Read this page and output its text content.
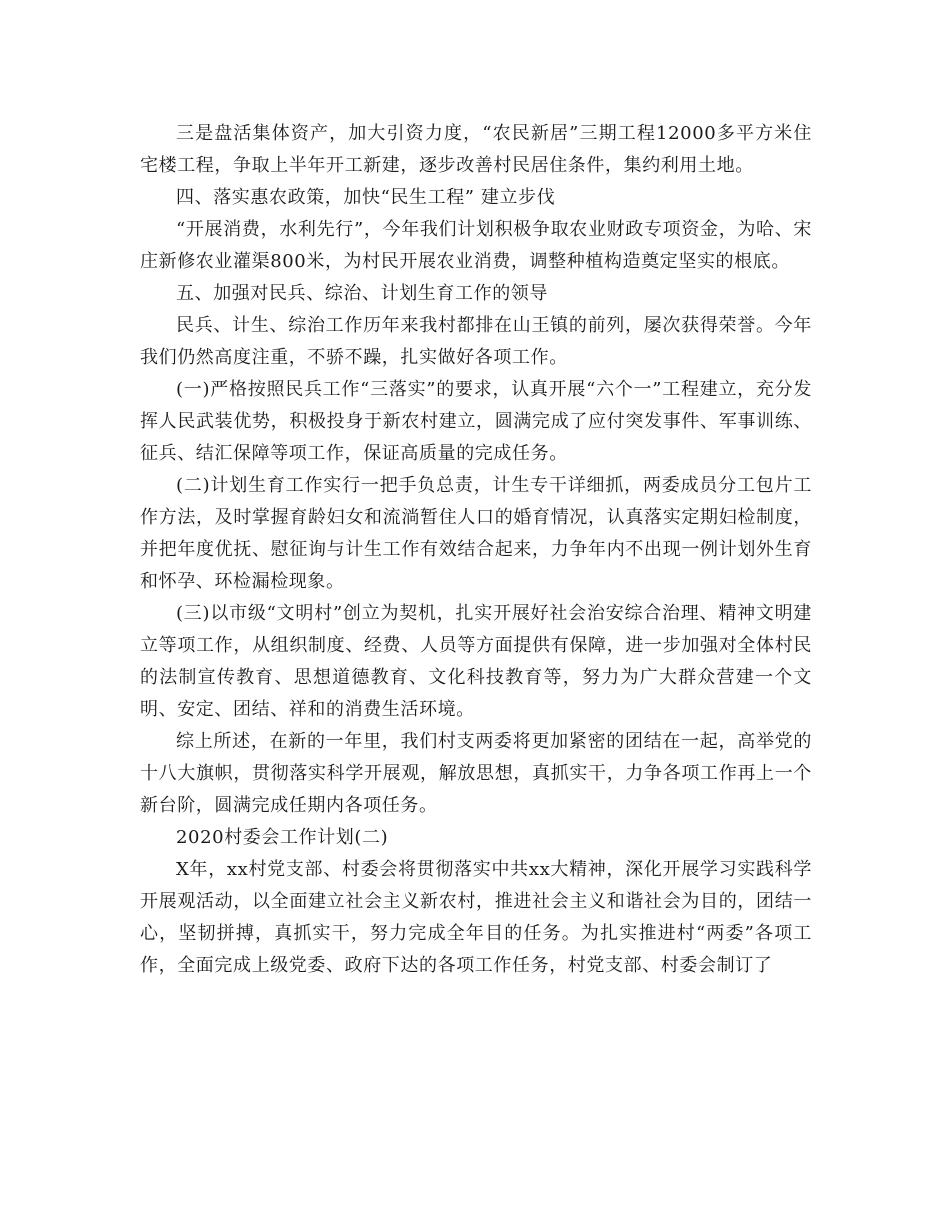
三是盘活集体资产，加大引资力度，“农民新居”三期工程12000多平方米住宅楼工程，争取上半年开工新建，逐步改善村民居住条件，集约利用土地。

四、落实惠农政策，加快“民生工程” 建立步伐

“开展消费，水利先行”，今年我们计划积极争取农业财政专项资金，为哈、宋庄新修农业灌渠800米，为村民开展农业消费，调整种植构造奠定坚实的根底。

五、加强对民兵、综治、计划生育工作的领导

民兵、计生、综治工作历年来我村都排在山王镇的前列，屡次获得荣誉。今年我们仍然高度注重，不骄不躁，扎实做好各项工作。

(一)严格按照民兵工作“三落实”的要求，认真开展“六个一”工程建立，充分发挥人民武装优势，积极投身于新农村建立，圆满完成了应付突发事件、军事训练、征兵、结汇保障等项工作，保证高质量的完成任务。

(二)计划生育工作实行一把手负总责，计生专干详细抓，两委成员分工包片工作方法，及时掌握育龄妇女和流淌暂住人口的婚育情况，认真落实定期妇检制度，并把年度优抚、慰征询与计生工作有效结合起来，力争年内不出现一例计划外生育和怀孕、环检漏检现象。

(三)以市级“文明村”创立为契机，扎实开展好社会治安综合治理、精神文明建立等项工作，从组织制度、经费、人员等方面提供有保障，进一步加强对全体村民的法制宣传教育、思想道德教育、文化科技教育等，努力为广大群众营建一个文明、安定、团结、祥和的消费生活环境。

综上所述，在新的一年里，我们村支两委将更加紧密的团结在一起，高举党的十八大旗帜，贯彻落实科学开展观，解放思想，真抓实干，力争各项工作再上一个新台阶，圆满完成任期内各项任务。

2020村委会工作计划(二)

X年，xx村党支部、村委会将贯彻落实中共xx大精神，深化开展学习实践科学开展观活动，以全面建立社会主义新农村，推进社会主义和谐社会为目的，团结一心，坚韧拼搏，真抓实干，努力完成全年目的任务。为扎实推进村“两委”各项工作，全面完成上级党委、政府下达的各项工作任务，村党支部、村委会制订了
